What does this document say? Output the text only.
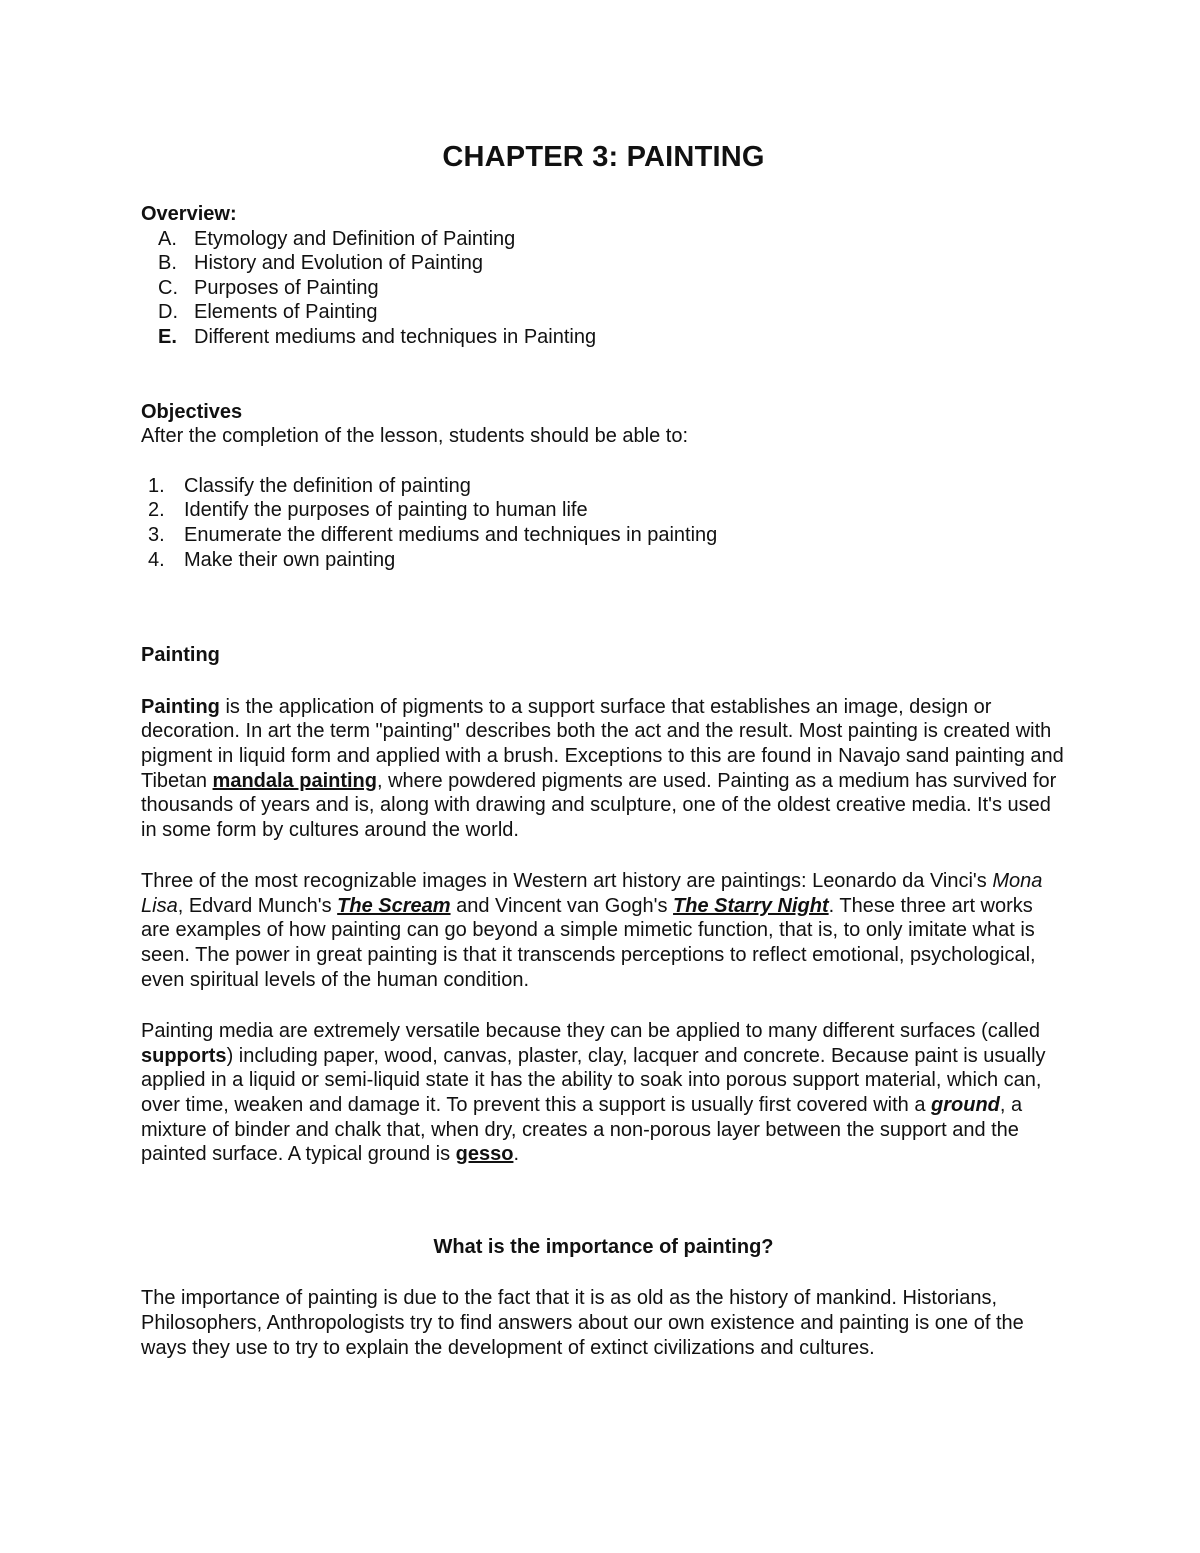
CHAPTER 3: PAINTING

Overview:

A. Etymology and Definition of Painting
B. History and Evolution of Painting
C. Purposes of Painting
D. Elements of Painting
E. Different mediums and techniques in Painting

Objectives

After the completion of the lesson, students should be able to:

1. Classify the definition of painting
2. Identify the purposes of painting to human life
3. Enumerate the different mediums and techniques in painting
4. Make their own painting

Painting

Painting is the application of pigments to a support surface that establishes an image, design or decoration. In art the term "painting" describes both the act and the result. Most painting is created with pigment in liquid form and applied with a brush. Exceptions to this are found in Navajo sand painting and Tibetan mandala painting, where powdered pigments are used. Painting as a medium has survived for thousands of years and is, along with drawing and sculpture, one of the oldest creative media. It's used in some form by cultures around the world.

Three of the most recognizable images in Western art history are paintings: Leonardo da Vinci's Mona Lisa, Edvard Munch's The Scream and Vincent van Gogh's The Starry Night. These three art works are examples of how painting can go beyond a simple mimetic function, that is, to only imitate what is seen. The power in great painting is that it transcends perceptions to reflect emotional, psychological, even spiritual levels of the human condition.

Painting media are extremely versatile because they can be applied to many different surfaces (called supports) including paper, wood, canvas, plaster, clay, lacquer and concrete. Because paint is usually applied in a liquid or semi-liquid state it has the ability to soak into porous support material, which can, over time, weaken and damage it. To prevent this a support is usually first covered with a ground, a mixture of binder and chalk that, when dry, creates a non-porous layer between the support and the painted surface. A typical ground is gesso.

What is the importance of painting?

The importance of painting is due to the fact that it is as old as the history of mankind. Historians, Philosophers, Anthropologists try to find answers about our own existence and painting is one of the ways they use to try to explain the development of extinct civilizations and cultures.
